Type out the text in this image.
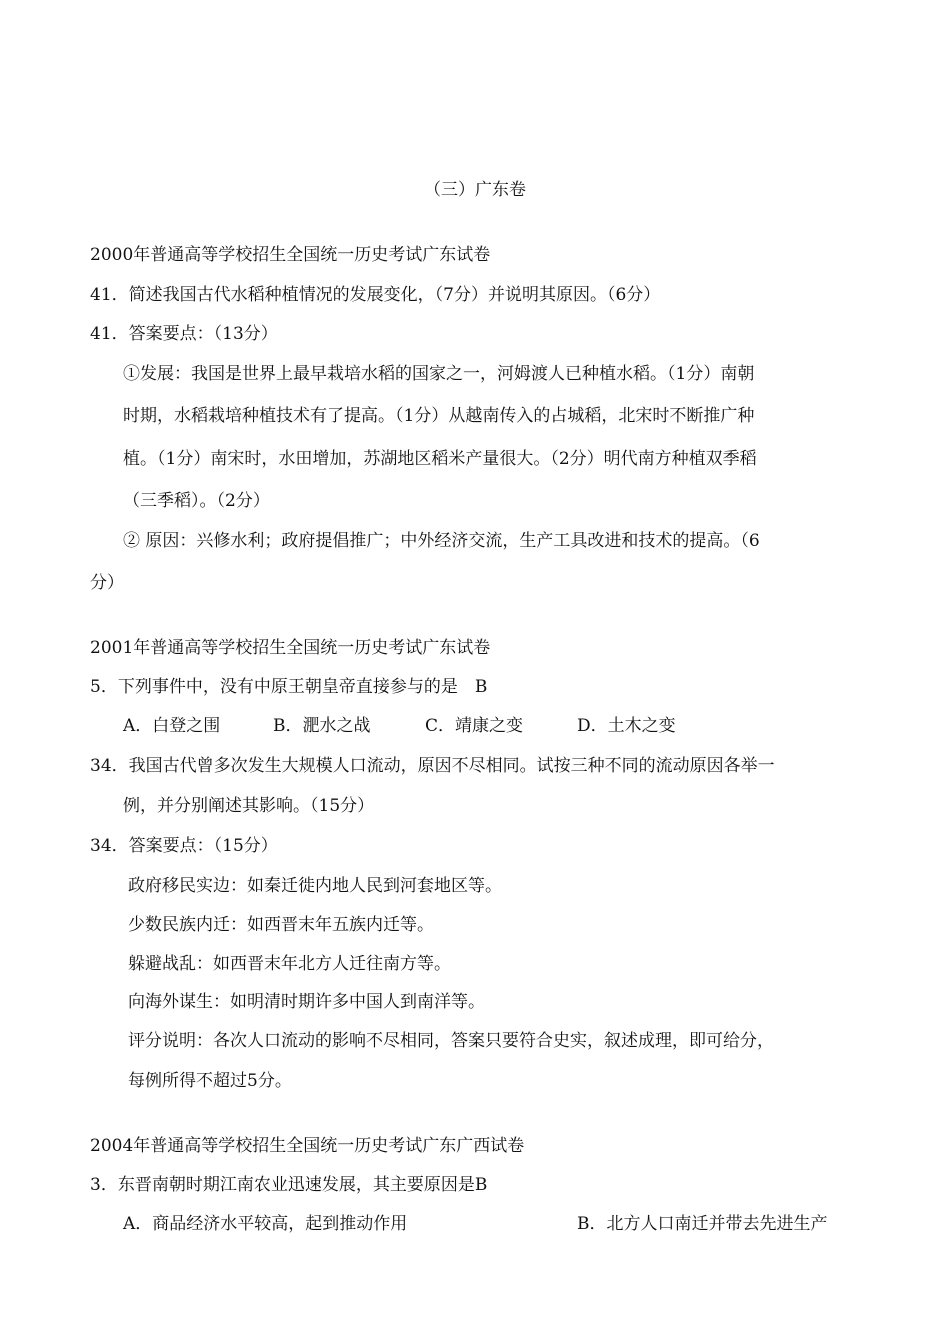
（三）广东卷
2000年普通高等学校招生全国统一历史考试广东试卷
41．简述我国古代水稻种植情况的发展变化，（7分）并说明其原因。（6分）
41．答案要点：（13分）
①发展：我国是世界上最早栽培水稻的国家之一，河姆渡人已种植水稻。（1分）南朝
时期，水稻栽培种植技术有了提高。（1分）从越南传入的占城稻，北宋时不断推广种
植。（1分）南宋时，水田增加，苏湖地区稻米产量很大。（2分）明代南方种植双季稻
（三季稻）。（2分）
② 原因：兴修水利；政府提倡推广；中外经济交流，生产工具改进和技术的提高。（6
分）
2001年普通高等学校招生全国统一历史考试广东试卷
5．下列事件中，没有中原王朝皇帝直接参与的是　B
A．白登之围	B．淝水之战	C．靖康之变	D．土木之变
34．我国古代曾多次发生大规模人口流动，原因不尽相同。试按三种不同的流动原因各举一
例，并分别阐述其影响。（15分）
34．答案要点：（15分）
政府移民实边：如秦迁徙内地人民到河套地区等。
少数民族内迁：如西晋末年五族内迁等。
躲避战乱：如西晋末年北方人迁往南方等。
向海外谋生：如明清时期许多中国人到南洋等。
评分说明：各次人口流动的影响不尽相同，答案只要符合史实，叙述成理，即可给分，
每例所得不超过5分。
2004年普通高等学校招生全国统一历史考试广东广西试卷
3．东晋南朝时期江南农业迅速发展，其主要原因是B
A．商品经济水平较高，起到推动作用	B．北方人口南迁并带去先进生产
